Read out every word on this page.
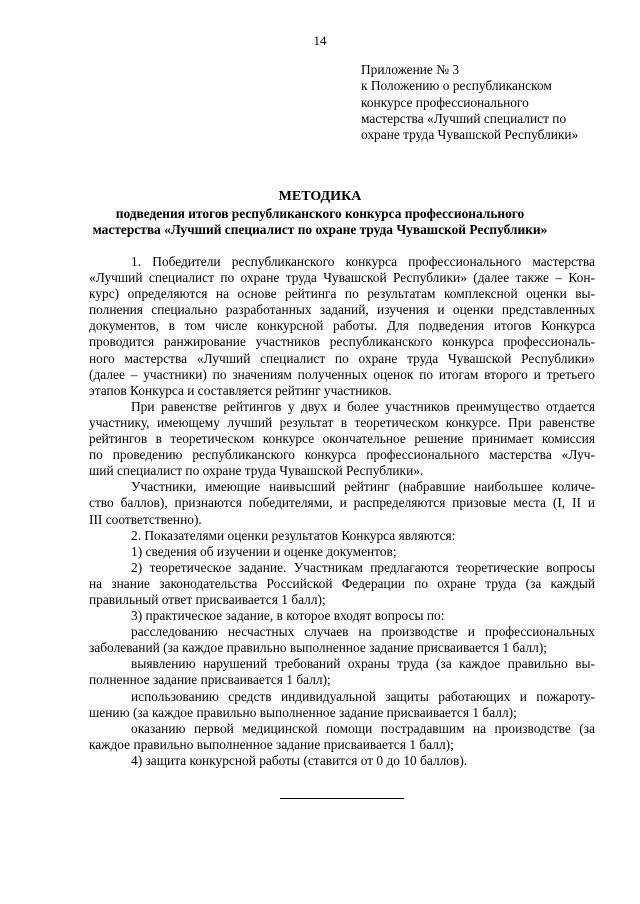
14
Приложение № 3
к Положению о республиканском
конкурсе профессионального
мастерства «Лучший специалист по
охране труда Чувашской Республики»
МЕТОДИКА
подведения итогов республиканского конкурса профессионального
мастерства «Лучший специалист по охране труда Чувашской Республики»
1. Победители республиканского конкурса профессионального мастерства
«Лучший специалист по охране труда Чувашской Республики» (далее также – Кон-
курс) определяются на основе рейтинга по результатам комплексной оценки вы-
полнения специально разработанных заданий, изучения и оценки представленных
документов, в том числе конкурсной работы. Для подведения итогов Конкурса
проводится ранжирование участников республиканского конкурса профессиональ-
ного мастерства «Лучший специалист по охране труда Чувашской Республики»
(далее – участники) по значениям полученных оценок по итогам второго и третьего
этапов Конкурса и составляется рейтинг участников.
При равенстве рейтингов у двух и более участников преимущество отдается
участнику, имеющему лучший результат в теоретическом конкурсе. При равенстве
рейтингов в теоретическом конкурсе окончательное решение принимает комиссия
по проведению республиканского конкурса профессионального мастерства «Луч-
ший специалист по охране труда Чувашской Республики».
Участники, имеющие наивысший рейтинг (набравшие наибольшее количе-
ство баллов), признаются победителями, и распределяются призовые места (I, II и
III соответственно).
2. Показателями оценки результатов Конкурса являются:
1) сведения об изучении и оценке документов;
2) теоретическое задание. Участникам предлагаются теоретические вопросы
на знание законодательства Российской Федерации по охране труда (за каждый
правильный ответ присваивается 1 балл);
3) практическое задание, в которое входят вопросы по:
расследованию несчастных случаев на производстве и профессиональных
заболеваний (за каждое правильно выполненное задание присваивается 1 балл);
выявлению нарушений требований охраны труда (за каждое правильно вы-
полненное задание присваивается 1 балл);
использованию средств индивидуальной защиты работающих и пожароту-
шению (за каждое правильно выполненное задание присваивается 1 балл);
оказанию первой медицинской помощи пострадавшим на производстве (за
каждое правильно выполненное задание присваивается 1 балл);
4) защита конкурсной работы (ставится от 0 до 10 баллов).
